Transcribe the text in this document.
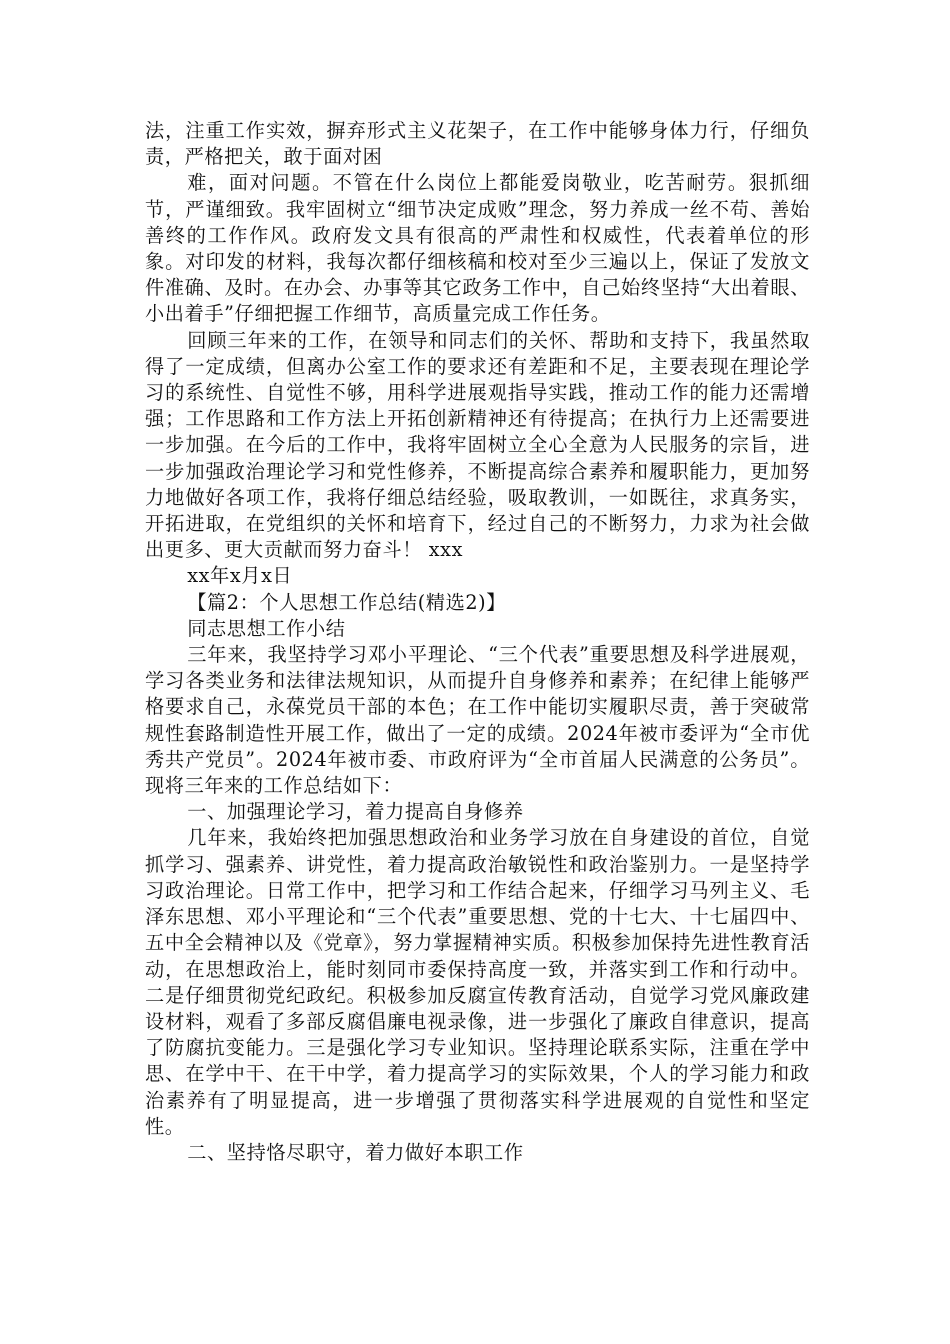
法，注重工作实效，摒弃形式主义花架子，在工作中能够身体力行，仔细负责，严格把关，敢于面对困

难，面对问题。不管在什么岗位上都能爱岗敬业，吃苦耐劳。狠抓细节，严谨细致。我牢固树立“细节决定成败”理念，努力养成一丝不苟、善始善终的工作作风。政府发文具有很高的严肃性和权威性，代表着单位的形象。对印发的材料，我每次都仔细核稿和校对至少三遍以上，保证了发放文件准确、及时。在办会、办事等其它政务工作中，自己始终坚持“大出着眼、小出着手”仔细把握工作细节，高质量完成工作任务。

回顾三年来的工作，在领导和同志们的关怀、帮助和支持下，我虽然取得了一定成绩，但离办公室工作的要求还有差距和不足，主要表现在理论学习的系统性、自觉性不够，用科学进展观指导实践，推动工作的能力还需增强；工作思路和工作方法上开拓创新精神还有待提高；在执行力上还需要进一步加强。在今后的工作中，我将牢固树立全心全意为人民服务的宗旨，进一步加强政治理论学习和党性修养，不断提高综合素养和履职能力，更加努力地做好各项工作，我将仔细总结经验，吸取教训，一如既往，求真务实，开拓进取，在党组织的关怀和培育下，经过自己的不断努力，力求为社会做出更多、更大贡献而努力奋斗！ xxx

xx年x月x日

【篇2：个人思想工作总结(精选2)】

同志思想工作小结

三年来，我坚持学习邓小平理论、“三个代表”重要思想及科学进展观，学习各类业务和法律法规知识，从而提升自身修养和素养；在纪律上能够严格要求自己，永葆党员干部的本色；在工作中能切实履职尽责，善于突破常规性套路制造性开展工作，做出了一定的成绩。2024年被市委评为“全市优秀共产党员”。2024年被市委、市政府评为“全市首届人民满意的公务员”。现将三年来的工作总结如下：

一、加强理论学习，着力提高自身修养

几年来，我始终把加强思想政治和业务学习放在自身建设的首位，自觉抓学习、强素养、讲党性，着力提高政治敏锐性和政治鉴别力。一是坚持学习政治理论。日常工作中，把学习和工作结合起来，仔细学习马列主义、毛泽东思想、邓小平理论和“三个代表”重要思想、党的十七大、十七届四中、五中全会精神以及《党章》，努力掌握精神实质。积极参加保持先进性教育活动，在思想政治上，能时刻同市委保持高度一致，并落实到工作和行动中。二是仔细贯彻党纪政纪。积极参加反腐宣传教育活动，自觉学习党风廉政建设材料，观看了多部反腐倡廉电视录像，进一步强化了廉政自律意识，提高了防腐抗变能力。三是强化学习专业知识。坚持理论联系实际，注重在学中思、在学中干、在干中学，着力提高学习的实际效果，个人的学习能力和政治素养有了明显提高，进一步增强了贯彻落实科学进展观的自觉性和坚定性。

二、坚持恪尽职守，着力做好本职工作
